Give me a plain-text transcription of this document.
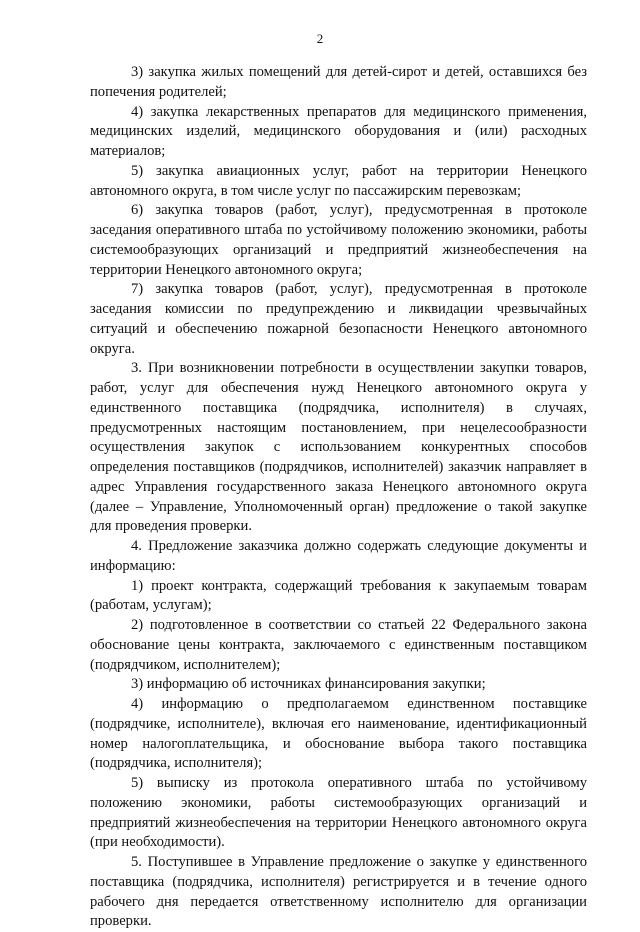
2

3) закупка жилых помещений для детей-сирот и детей, оставшихся без попечения родителей;

4) закупка лекарственных препаратов для медицинского применения, медицинских изделий, медицинского оборудования и (или) расходных материалов;

5) закупка авиационных услуг, работ на территории Ненецкого автономного округа, в том числе услуг по пассажирским перевозкам;

6) закупка товаров (работ, услуг), предусмотренная в протоколе заседания оперативного штаба по устойчивому положению экономики, работы системообразующих организаций и предприятий жизнеобеспечения на территории Ненецкого автономного округа;

7) закупка товаров (работ, услуг), предусмотренная в протоколе заседания комиссии по предупреждению и ликвидации чрезвычайных ситуаций и обеспечению пожарной безопасности Ненецкого автономного округа.

3. При возникновении потребности в осуществлении закупки товаров, работ, услуг для обеспечения нужд Ненецкого автономного округа у единственного поставщика (подрядчика, исполнителя) в случаях, предусмотренных настоящим постановлением, при нецелесообразности осуществления закупок с использованием конкурентных способов определения поставщиков (подрядчиков, исполнителей) заказчик направляет в адрес Управления государственного заказа Ненецкого автономного округа (далее – Управление, Уполномоченный орган) предложение о такой закупке для проведения проверки.

4. Предложение заказчика должно содержать следующие документы и информацию:

1) проект контракта, содержащий требования к закупаемым товарам (работам, услугам);

2) подготовленное в соответствии со статьей 22 Федерального закона обоснование цены контракта, заключаемого с единственным поставщиком (подрядчиком, исполнителем);

3) информацию об источниках финансирования закупки;

4) информацию о предполагаемом единственном поставщике (подрядчике, исполнителе), включая его наименование, идентификационный номер налогоплательщика, и обоснование выбора такого поставщика (подрядчика, исполнителя);

5) выписку из протокола оперативного штаба по устойчивому положению экономики, работы системообразующих организаций и предприятий жизнеобеспечения на территории Ненецкого автономного округа (при необходимости).

5. Поступившее в Управление предложение о закупке у единственного поставщика (подрядчика, исполнителя) регистрируется и в течение одного рабочего дня передается ответственному исполнителю для организации проверки.
